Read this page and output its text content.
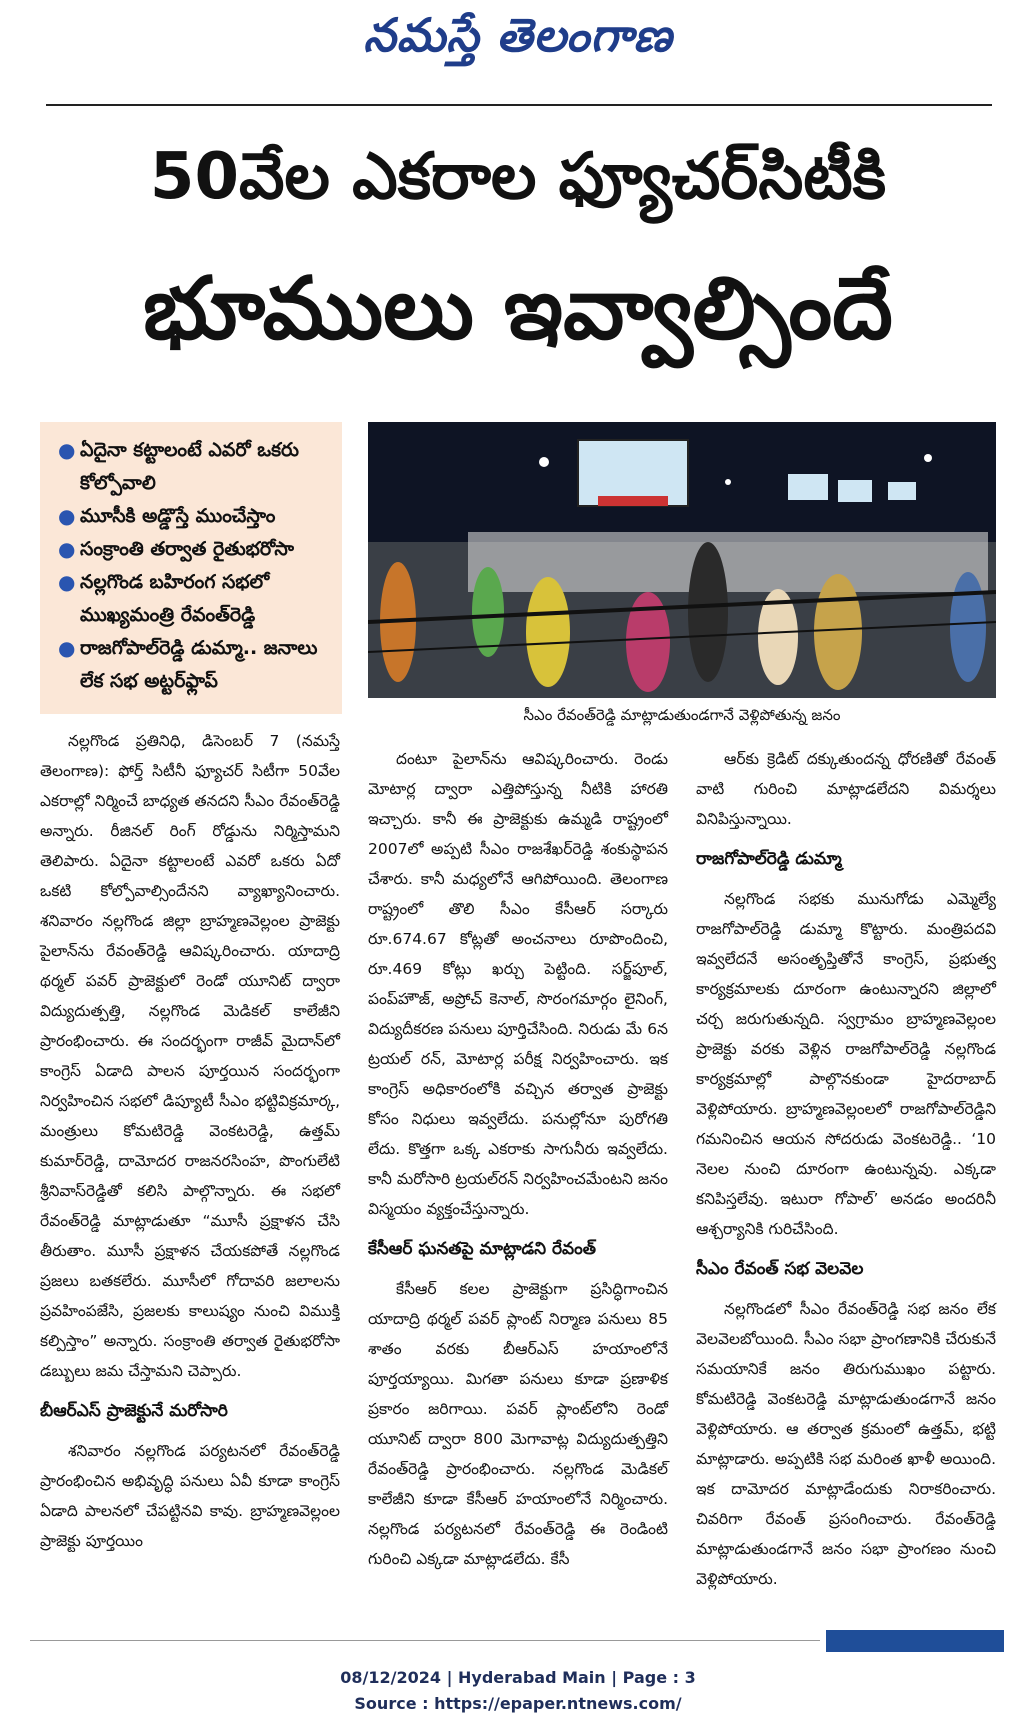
నమస్తే తెలంగాణ
50వేల ఎకరాల ఫ్యూచర్‌సిటీకి
భూములు ఇవ్వాల్సిందే
● ఏదైనా కట్టాలంటే ఎవరో ఒకరు కోల్పోవాలి
● మూసీకి అడ్డొస్తే ముంచేస్తాం
● సంక్రాంతి తర్వాత రైతుభరోసా
● నల్లగొండ బహిరంగ సభలో ముఖ్యమంత్రి రేవంత్‌రెడ్డి
● రాజగోపాల్‌రెడ్డి డుమ్మా.. జనాలు లేక సభ అట్టర్‌ఫ్లాప్
సీఎం రేవంత్‌రెడ్డి మాట్లాడుతుండగానే వెళ్లిపోతున్న జనం

నల్లగొండ ప్రతినిధి, డిసెంబర్ 7 (నమస్తే తెలంగాణ): ఫోర్త్ సిటీనీ ఫ్యూచర్ సిటీగా 50వేల ఎకరాల్లో నిర్మించే బాధ్యత తనదని సీఎం రేవంత్‌రెడ్డి అన్నారు. రీజినల్ రింగ్ రోడ్డును నిర్మిస్తామని తెలిపారు. ఏదైనా కట్టాలంటే ఎవరో ఒకరు ఏదో ఒకటి కోల్పోవాల్సిందేనని వ్యాఖ్యానించారు. శనివారం నల్లగొండ జిల్లా బ్రాహ్మణవెల్లంల ప్రాజెక్టు పైలాన్‌ను రేవంత్‌రెడ్డి ఆవిష్కరించారు. యాదాద్రి థర్మల్ పవర్ ప్రాజెక్టులో రెండో యూనిట్ ద్వారా విద్యుదుత్పత్తి, నల్లగొండ మెడికల్ కాలేజీని ప్రారంభించారు. ఈ సందర్భంగా రాజీవ్ మైదాన్‌లో కాంగ్రెస్ ఏడాది పాలన పూర్తయిన సందర్భంగా నిర్వహించిన సభలో డిప్యూటీ సీఎం భట్టివిక్రమార్క, మంత్రులు కోమటిరెడ్డి వెంకటరెడ్డి, ఉత్తమ్ కుమార్‌రెడ్డి, దామోదర రాజనరసింహ, పొంగులేటి శ్రీనివాస్‌రెడ్డితో కలిసి పాల్గొన్నారు. ఈ సభలో రేవంత్‌రెడ్డి మాట్లాడుతూ “మూసీ ప్రక్షాళన చేసి తీరుతాం. మూసీ ప్రక్షాళన చేయకపోతే నల్లగొండ ప్రజలు బతకలేరు. మూసీలో గోదావరి జలాలను ప్రవహింపజేసి, ప్రజలకు కాలుష్యం నుంచి విముక్తి కల్పిస్తాం” అన్నారు. సంక్రాంతి తర్వాత రైతుభరోసా డబ్బులు జమ చేస్తామని చెప్పారు.

బీఆర్‌ఎస్ ప్రాజెక్టునే మరోసారి

శనివారం నల్లగొండ పర్యటనలో రేవంత్‌రెడ్డి ప్రారంభించిన అభివృద్ధి పనులు ఏవీ కూడా కాంగ్రెస్ ఏడాది పాలనలో చేపట్టినవి కావు. బ్రాహ్మణవెల్లంల ప్రాజెక్టు పూర్తయిం

దంటూ పైలాన్‌ను ఆవిష్కరించారు. రెండు మోటార్ల ద్వారా ఎత్తిపోస్తున్న నీటికి హారతి ఇచ్చారు. కానీ ఈ ప్రాజెక్టుకు ఉమ్మడి రాష్ట్రంలో 2007లో అప్పటి సీఎం రాజశేఖర్‌రెడ్డి శంకుస్థాపన చేశారు. కానీ మధ్యలోనే ఆగిపోయింది. తెలంగాణ రాష్ట్రంలో తొలి సీఎం కేసీఆర్ సర్కారు రూ.674.67 కోట్లతో అంచనాలు రూపొందించి, రూ.469 కోట్లు ఖర్చు పెట్టింది. సర్జ్‌పూల్, పంప్‌హౌజ్, అప్రోచ్ కెనాల్, సొరంగమార్గం లైనింగ్, విద్యుదీకరణ పనులు పూర్తిచేసింది. నిరుడు మే 6న ట్రయల్ రన్, మోటార్ల పరీక్ష నిర్వహించారు. ఇక కాంగ్రెస్ అధికారంలోకి వచ్చిన తర్వాత ప్రాజెక్టు కోసం నిధులు ఇవ్వలేదు. పనుల్లోనూ పురోగతి లేదు. కొత్తగా ఒక్క ఎకరాకు సాగునీరు ఇవ్వలేదు. కానీ మరోసారి ట్రయల్‌రన్ నిర్వహించమేంటని జనం విస్మయం వ్యక్తంచేస్తున్నారు.

కేసీఆర్ ఘనతపై మాట్లాడని రేవంత్

కేసీఆర్ కలల ప్రాజెక్టుగా ప్రసిద్ధిగాంచిన యాదాద్రి థర్మల్ పవర్ ప్లాంట్ నిర్మాణ పనులు 85 శాతం వరకు బీఆర్‌ఎస్ హయాంలోనే పూర్తయ్యాయి. మిగతా పనులు కూడా ప్రణాళిక ప్రకారం జరిగాయి. పవర్ ప్లాంట్‌లోని రెండో యూనిట్ ద్వారా 800 మెగావాట్ల విద్యుదుత్పత్తిని రేవంత్‌రెడ్డి ప్రారంభించారు. నల్లగొండ మెడికల్ కాలేజీని కూడా కేసీఆర్ హయాంలోనే నిర్మించారు. నల్లగొండ పర్యటనలో రేవంత్‌రెడ్డి ఈ రెండింటి గురించి ఎక్కడా మాట్లాడలేదు. కేసీ

ఆర్‌కు క్రెడిట్ దక్కుతుందన్న ధోరణితో రేవంత్ వాటి గురించి మాట్లాడలేదని విమర్శలు వినిపిస్తున్నాయి.

రాజగోపాల్‌రెడ్డి డుమ్మా

నల్లగొండ సభకు మునుగోడు ఎమ్మెల్యే రాజగోపాల్‌రెడ్డి డుమ్మా కొట్టారు. మంత్రిపదవి ఇవ్వలేదనే అసంతృప్తితోనే కాంగ్రెస్, ప్రభుత్వ కార్యక్రమాలకు దూరంగా ఉంటున్నారని జిల్లాలో చర్చ జరుగుతున్నది. స్వగ్రామం బ్రాహ్మణవెల్లంల ప్రాజెక్టు వరకు వెళ్లిన రాజగోపాల్‌రెడ్డి నల్లగొండ కార్యక్రమాల్లో పాల్గొనకుండా హైదరాబాద్ వెళ్లిపోయారు. బ్రాహ్మణవెల్లంలలో రాజగోపాల్‌రెడ్డిని గమనించిన ఆయన సోదరుడు వెంకటరెడ్డి.. ‘10 నెలల నుంచి దూరంగా ఉంటున్నవు. ఎక్కడా కనిపిస్తలేవు. ఇటురా గోపాల్’ అనడం అందరినీ ఆశ్చర్యానికి గురిచేసింది.

సీఎం రేవంత్ సభ వెలవెల

నల్లగొండలో సీఎం రేవంత్‌రెడ్డి సభ జనం లేక వెలవెలబోయింది. సీఎం సభా ప్రాంగణానికి చేరుకునే సమయానికే జనం తిరుగుముఖం పట్టారు. కోమటిరెడ్డి వెంకటరెడ్డి మాట్లాడుతుండగానే జనం వెళ్లిపోయారు. ఆ తర్వాత క్రమంలో ఉత్తమ్, భట్టి మాట్లాడారు. అప్పటికి సభ మరింత ఖాళీ అయింది. ఇక దామోదర మాట్లాడేందుకు నిరాకరించారు. చివరిగా రేవంత్ ప్రసంగించారు. రేవంత్‌రెడ్డి మాట్లాడుతుండగానే జనం సభా ప్రాంగణం నుంచి వెళ్లిపోయారు.

08/12/2024 | Hyderabad Main | Page : 3
Source : https://epaper.ntnews.com/
